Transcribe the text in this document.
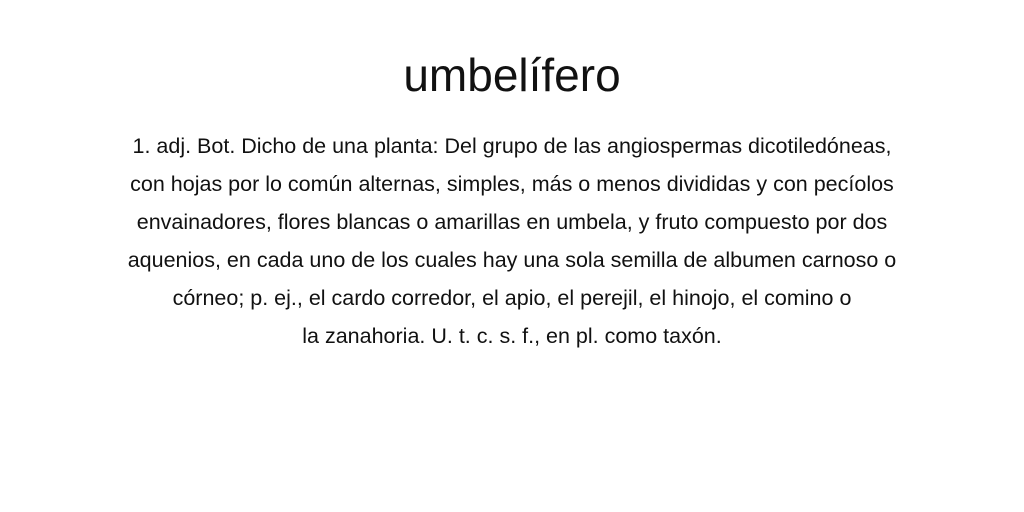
umbelífero

1. adj. Bot. Dicho de una planta: Del grupo de las angiospermas dicotiledóneas,
con hojas por lo común alternas, simples, más o menos divididas y con pecíolos
envainadores, flores blancas o amarillas en umbela, y fruto compuesto por dos
aquenios, en cada uno de los cuales hay una sola semilla de albumen carnoso o
córneo; p. ej., el cardo corredor, el apio, el perejil, el hinojo, el comino o
la zanahoria. U. t. c. s. f., en pl. como taxón.
